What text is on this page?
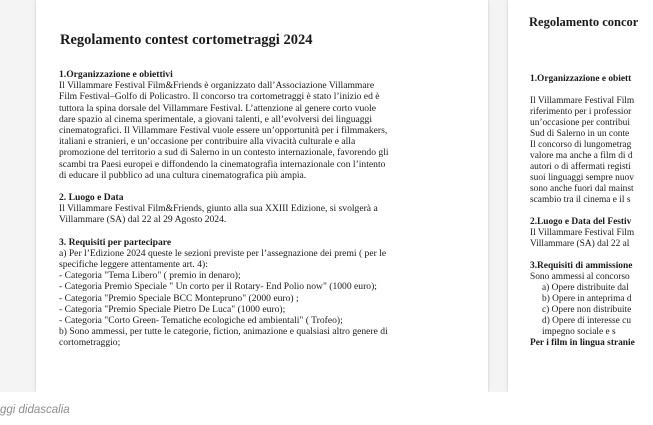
Regolamento contest cortometraggi 2024
1.Organizzazione e obiettivi
Il Villammare Festival Film&Friends è organizzato dall’Associazione Villammare
Film Festival–Golfo di Policastro. Il concorso tra cortometraggi è stato l’inizio ed è
tuttora la spina dorsale del Villammare Festival. L’attenzione al genere corto vuole
dare spazio al cinema sperimentale, a giovani talenti, e all’evolversi dei linguaggi
cinematografici. Il Villammare Festival vuole essere un’opportunità per i filmmakers,
italiani e stranieri, e un’occasione per contribuire alla vivacità culturale e alla
promozione del territorio a sud di Salerno in un contesto internazionale, favorendo gli
scambi tra Paesi europei e diffondendo la cinematografia internazionale con l’intento
di educare il pubblico ad una cultura cinematografica più ampia.
2. Luogo e Data
Il Villammare Festival Film&Friends, giunto alla sua XXIII Edizione, si svolgerà a
Villammare (SA) dal 22 al 29 Agosto 2024.
3. Requisiti per partecipare
a) Per l’Edizione 2024 queste le sezioni previste per l’assegnazione dei premi ( per le
specifiche leggere attentamente art. 4):
- Categoria "Tema Libero" ( premio in denaro);
- Categoria Premio Speciale " Un corto per il Rotary- End Polio now" (1000 euro);
- Categoria "Premio Speciale BCC Montepruno" (2000 euro) ;
- Categoria "Premio Speciale Pietro De Luca" (1000 euro);
- Categoria "Corto Green- Tematiche ecologiche ed ambientali" ( Trofeo);
b) Sono ammessi, per tutte le categorie, fiction, animazione e qualsiasi altro genere di
cortometraggio;
Regolamento concor
1.Organizzazione e obiett
Il Villammare Festival Film
riferimento per i professior
un’occasione per contribui
Sud di Salerno in un conte
Il concorso di lungometrag
valore ma anche a film di d
autori o di affermati registi
suoi linguaggi sempre nuov
sono anche fuori dal mainst
scambio tra il cinema e il s
2.Luogo e Data del Festiv
Il Villammare Festival Film
Villammare (SA) dal 22 al
3.Requisiti di ammissione
Sono ammessi al concorso
a) Opere distribuite dal
b) Opere in anteprima d
c) Opere non distribuite
d) Opere di interesse cu
impegno sociale e s
Per i film in lingua stranie
ggi didascalia
